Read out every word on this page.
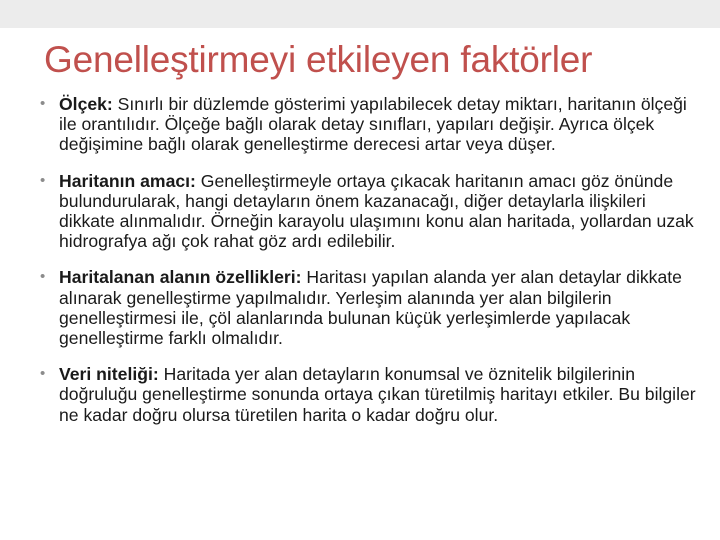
Genelleştirmeyi etkileyen faktörler
• Ölçek: Sınırlı bir düzlemde gösterimi yapılabilecek detay miktarı, haritanın ölçeği ile orantılıdır. Ölçeğe bağlı olarak detay sınıfları, yapıları değişir. Ayrıca ölçek değişimine bağlı olarak genelleştirme derecesi artar veya düşer.
• Haritanın amacı: Genelleştirmeyle ortaya çıkacak haritanın amacı göz önünde bulundurularak, hangi detayların önem kazanacağı, diğer detaylarla ilişkileri dikkate alınmalıdır. Örneğin karayolu ulaşımını konu alan haritada, yollardan uzak hidrografya ağı çok rahat göz ardı edilebilir.
• Haritalanan alanın özellikleri: Haritası yapılan alanda yer alan detaylar dikkate alınarak genelleştirme yapılmalıdır. Yerleşim alanında yer alan bilgilerin genelleştirmesi ile, çöl alanlarında bulunan küçük yerleşimlerde yapılacak genelleştirme farklı olmalıdır.
• Veri niteliği: Haritada yer alan detayların konumsal ve öznitelik bilgilerinin doğruluğu genelleştirme sonunda ortaya çıkan türetilmiş haritayı etkiler. Bu bilgiler ne kadar doğru olursa türetilen harita o kadar doğru olur.
